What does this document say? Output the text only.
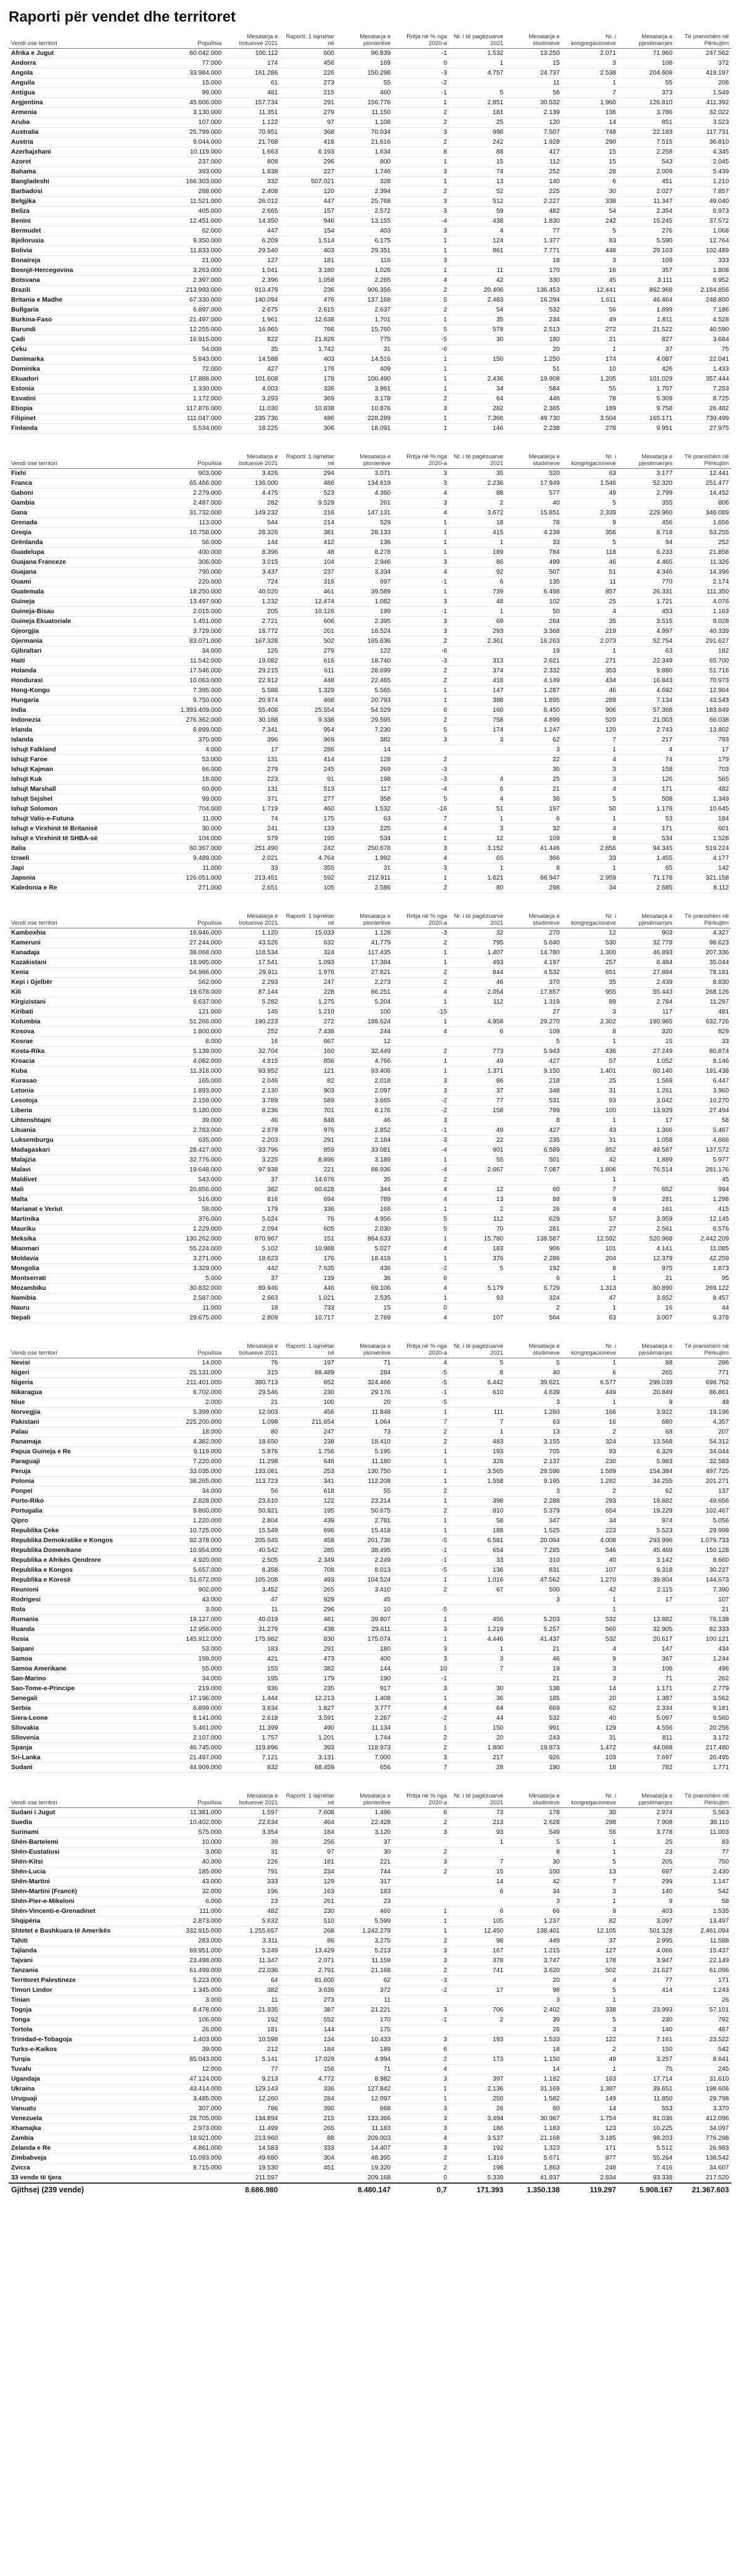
Raporti për vendet dhe territoret
Vendi ose territori	Popullsia	Mesatarja e botuesve 2021	Raporti: 1 lajmëtar në	Mesatarja e pionierëve	Rritja në % nga 2020-a	Nr. i të pagëzuarve 2021	Mesatarja e studimeve	Nr. i kongregacioneve	Mesatarja e pjesëmarrjes	Të pranishëm në Përkujtim
Afrika e Jugut	60.042.000	100.112	600	96.839	-1	1.532	13.250	2.071	71.960	247.562
Andorra	77.000	174	456	169	0	1	15	3	108	372
Angola	33.984.000	161.286	226	150.298	-3	4.757	24.737	2.538	204.608	419.197
Anguila	15.000	61	273	55	-2		11	1	55	206
Antigua	99.000	481	215	460	-1	5	56	7	373	1.549
Argjentina	45.606.000	157.734	291	156.776	1	2.851	30.532	1.960	126.810	411.392
Armenia	3.130.000	11.351	279	11.150	2	181	2.139	136	3.786	32.022
Aruba	107.000	1.122	97	1.108	2	25	120	14	851	3.523
Australia	25.799.000	70.951	368	70.034	3	998	7.507	748	22.183	117.731
Austria	9.044.000	21.768	418	21.616	2	242	1.928	290	7.515	36.810
Azerbajxhani	10.119.000	1.663	6.193	1.634	8	88	417	15	2.258	4.345
Azoret	237.000	809	296	800	1	15	112	15	543	2.045
Bahama	393.000	1.838	227	1.746	3	74	252	28	2.009	5.439
Bangladeshi	166.303.000	332	507.021	328	1	13	140	6	451	1.210
Barbadosi	288.000	2.408	120	2.394	2	52	225	30	2.027	7.857
Belgjika	11.521.000	26.012	447	25.768	3	512	2.227	338	11.347	49.040
Beliza	405.000	2.665	157	2.572	3	59	482	54	2.354	6.973
Benini	12.451.000	14.350	946	13.155	-4	438	1.830	242	15.245	37.572
Bermudet	62.000	447	154	403	3	4	77	5	276	1.068
Bjellorusia	9.350.000	6.209	1.514	6.175	1	124	1.377	83	5.590	12.764
Bolivia	11.833.000	29.540	403	29.351	1	861	7.771	448	29.103	102.489
Bonaireja	21.000	127	181	116	3		18	3	109	333
Bosnjë-Hercegovina	3.263.000	1.041	3.180	1.026	1	11	170	16	357	1.808
Botsvana	2.397.000	2.396	1.058	2.265	4	42	330	45	3.111	6.952
Brazili	213.993.000	913.479	236	906.356	2	20.406	136.453	12.441	862.968	2.184.856
Britania e Madhe	67.330.000	140.094	476	137.168	5	2.483	16.294	1.611	46.464	248.800
Bullgaria	6.897.000	2.675	2.615	2.637	2	54	532	56	1.899	7.186
Burkina-Faso	21.497.000	1.961	12.638	1.701	1	35	234	49	1.811	4.528
Burundi	12.255.000	16.965	766	15.760	5	578	2.513	272	21.522	40.590
Çadi	16.915.000	822	21.826	775	-5	30	180	21	827	3.684
Çeku	54.000	35	1.742	31	-6		20	1	37	75
Danimarka	5.843.000	14.588	403	14.516	1	150	1.250	174	4.087	22.041
Dominika	72.000	427	176	409	1		51	10	426	1.433
Ekuadori	17.888.000	101.608	178	100.490	1	2.436	19.908	1.205	101.029	357.444
Estonia	1.330.000	4.003	336	3.961	1	34	584	55	1.707	7.253
Esvatini	1.172.000	3.293	369	3.178	2	64	446	78	5.309	8.725
Etiopia	117.876.000	11.030	10.838	10.876	3	282	2.365	189	9.758	26.482
Filipinet	111.047.000	235.736	486	228.289	1	7.366	49.730	3.504	165.171	739.499
Finlanda	5.534.000	18.225	306	18.091	1	146	2.238	278	9.951	27.975
Vendi ose territori	Popullsia	Mesatarja e botuesve 2021	Raporti: 1 lajmëtar në	Mesatarja e pionierëve	Rritja në % nga 2020-a	Nr. i të pagëzuarve 2021	Mesatarja e studimeve	Nr. i kongregacioneve	Mesatarja e pjesëmarrjes	Të pranishëm në Përkujtim
Fixhi	903.000	3.426	294	3.071	3	35	520	63	3.177	12.441
Franca	65.466.000	136.000	486	134.619	3	2.236	17.949	1.546	52.320	251.477
Gaboni	2.279.000	4.475	523	4.360	4	88	577	49	2.799	14.452
Gambia	2.487.000	282	9.529	261	3	2	40	5	355	806
Gana	31.732.000	149.232	216	147.131	4	3.672	15.851	2.339	229.960	346.089
Grenada	113.000	544	214	529	1	18	78	9	456	1.656
Greqia	10.758.000	28.326	381	28.133	1	415	4.239	356	8.718	53.255
Grënlanda	56.000	144	412	136	1	1	33	5	94	252
Guadelupa	400.000	8.396	48	8.278	1	189	784	118	6.233	21.858
Guajana Franceze	306.000	3.015	104	2.946	3	86	499	46	4.465	11.326
Guajana	790.000	3.437	237	3.334	4	92	507	51	4.346	14.396
Guami	220.000	724	316	697	-1	6	135	11	770	2.174
Guatemala	18.250.000	40.020	461	39.589	1	739	6.498	857	26.331	111.350
Guineja	13.497.000	1.232	12.474	1.082	3	48	102	25	1.721	4.076
Guineja-Bisau	2.015.000	205	10.126	199	-1	1	50	4	453	1.163
Guineja Ekuatoriale	1.451.000	2.721	606	2.395	3	69	264	35	3.515	9.028
Gjeorgjia	3.729.000	18.772	201	18.524	3	293	3.368	219	4.997	40.339
Gjermania	83.071.000	167.328	502	165.636	2	2.361	16.263	2.073	52.754	291.627
Gjibraltari	34.000	126	279	122	-6		19	1	63	182
Haiti	11.542.000	19.082	616	18.740	-3	313	2.621	271	22.349	65.700
Holanda	17.546.000	29.215	611	28.699	2	374	2.332	353	9.880	51.716
Hondurasi	10.063.000	22.912	448	22.465	2	418	4.149	434	16.843	70.973
Hong-Kongu	7.395.000	5.588	1.329	5.565	1	147	1.287	46	4.692	12.904
Hungaria	9.750.000	20.974	468	20.793	1	388	1.895	289	7.134	43.543
India	1.393.409.000	55.408	25.554	54.529	6	160	8.450	906	57.368	183.849
Indonezia	276.362.000	30.188	9.338	29.595	2	758	4.899	520	21.003	66.038
Irlanda	6.899.000	7.341	954	7.230	5	174	1.247	120	2.743	13.802
Islanda	370.000	396	969	382	3	3	62	7	217	793
Ishujt Falkland	4.000	17	286	14			3	1	4	17
Ishujt Faroe	53.000	131	414	128	2		22	4	74	179
Ishujt Kajman	66.000	279	245	269	-3		35	3	158	703
Ishujt Kuk	18.000	223	91	198	-3	4	25	3	126	565
Ishujt Marshall	60.000	131	513	117	-4	6	21	4	171	482
Ishujt Sejshel	99.000	371	277	358	5	4	38	5	508	1.349
Ishujt Solomon	704.000	1.719	460	1.532	-16	51	197	50	1.178	10.645
Ishujt Valis-e-Futuna	11.000	74	175	63	7	1	6	1	53	184
Ishujt e Virxhinit të Britanisë	30.000	241	133	225	4	3	32	4	171	601
Ishujt e Virxhinit të SHBA-së	104.000	579	195	534	1	12	109	8	534	1.528
Italia	60.367.000	251.490	242	250.678	3	3.152	41.446	2.856	94.345	519.224
Izraeli	9.489.000	2.021	4.764	1.992	4	65	366	33	1.455	4.177
Japi	11.000	33	355	31	3	1	8	1	65	142
Japonia	126.051.000	213.451	592	212.911	1	1.621	66.947	2.959	71.178	321.158
Kaledonia e Re	271.000	2.651	105	2.586	2	80	298	34	2.685	8.112
Vendi ose territori	Popullsia	Mesatarja e botuesve 2021	Raporti: 1 lajmëtar në	Mesatarja e pionierëve	Rritja në % nga 2020-a	Nr. i të pagëzuarve 2021	Mesatarja e studimeve	Nr. i kongregacioneve	Mesatarja e pjesëmarrjes	Të pranishëm në Përkujtim
Kamboxhia	16.946.000	1.120	15.033	1.128	-3	32	270	12	903	4.327
Kameruni	27.244.000	43.526	632	41.779	2	795	5.640	530	32.778	98.623
Kanadaja	38.068.000	118.534	324	117.435	1	1.407	14.780	1.300	46.893	207.336
Kazakistani	18.995.000	17.541	1.093	17.384	1	493	4.197	257	8.484	35.044
Kenia	54.986.000	29.911	1.976	27.821	2	844	4.532	651	27.884	78.181
Kepi i Gjelbër	562.000	2.293	247	2.273	2	46	370	35	2.439	8.830
Kili	19.678.000	87.144	228	86.251	4	2.054	17.857	955	55.443	268.126
Kirgizistani	6.637.000	5.282	1.275	5.204	1	112	1.319	89	2.784	11.297
Kiribati	121.000	145	1.210	100	-15		27	3	117	481
Kolumbia	51.266.000	190.223	272	188.624	1	4.958	29.270	2.302	180.965	632.726
Kosova	1.800.000	252	7.438	244	4	6	109	8	320	829
Kosrae	8.000	16	667	12			5	1	15	33
Kosta-Rika	5.139.000	32.704	160	32.449	2	773	5.943	436	27.249	80.874
Kroacia	4.082.000	4.815	856	4.766	1	49	427	57	1.052	8.146
Kuba	11.318.000	93.952	121	93.406	1	1.371	9.150	1.401	60.140	191.438
Kurasao	165.000	2.046	82	2.018	3	86	218	25	1.569	6.447
Letonia	1.893.000	2.130	903	2.097	3	37	348	31	1.261	3.960
Lesotoja	2.159.000	3.789	589	3.665	-2	77	531	93	3.042	10.270
Liberia	5.180.000	8.236	701	8.176	-2	158	799	100	13.929	27.494
Lihtenshtajni	39.000	46	848	46	3		8	1	17	58
Lituania	2.783.000	2.878	976	2.852	-1	49	427	43	1.366	5.467
Luksemburgu	635.000	2.203	291	2.184	3	22	235	31	1.058	4.666
Madagaskari	28.427.000	33.796	859	33.081	-4	901	6.589	852	48.587	137.572
Malajzia	32.776.000	3.225	8.896	3.189	1	55	501	42	1.889	5.977
Malavi	19.648.000	97.938	221	88.936	-4	2.667	7.087	1.806	76.514	281.176
Maldivet	543.000	37	14.676	35	2			1		45
Mali	20.856.000	382	60.628	344	4	12	60	7	652	994
Malta	516.000	816	694	789	4	13	88	9	281	1.298
Marianat e Veriut	58.000	179	336	168	1	2	26	4	161	415
Martinika	376.000	5.024	76	4.956	5	112	629	57	3.959	12.145
Mauriku	1.229.000	2.094	605	2.030	5	70	261	27	2.561	6.576
Meksika	130.262.000	870.967	151	864.633	1	15.780	138.587	12.592	520.968	2.442.209
Mianmari	55.224.000	5.102	10.988	5.027	4	183	906	101	4.141	11.085
Moldavia	3.271.000	18.623	176	18.418	1	376	2.286	204	12.379	42.259
Mongolia	3.329.000	442	7.635	436	-2	5	192	8	975	1.873
Montserrati	5.000	37	139	36	6		6	1	21	95
Mozambiku	30.832.000	89.946	446	69.106	4	5.179	6.729	1.313	80.890	269.122
Namibia	2.587.000	2.663	1.021	2.535	1	93	324	47	3.652	8.457
Nauru	11.000	18	733	15	0		2	1	16	44
Nepali	29.675.000	2.809	10.717	2.769	4	107	564	63	3.007	9.378
Vendi ose territori	Popullsia	Mesatarja e botuesve 2021	Raporti: 1 lajmëtar në	Mesatarja e pionierëve	Rritja në % nga 2020-a	Nr. i të pagëzuarve 2021	Mesatarja e studimeve	Nr. i kongregacioneve	Mesatarja e pjesëmarrjes	Të pranishëm në Përkujtim
Nevisi	14.000	76	197	71	4	5	5	1	88	296
Nigeri	25.131.000	315	88.489	284	-5	8	40	6	265	771
Nigeria	211.401.000	380.713	652	324.466	-5	6.442	39.621	6.577	299.039	698.762
Nikaragua	6.702.000	29.546	230	29.176	-1	610	4.639	449	20.849	86.861
Niue	2.000	21	100	20	-5		3	1	9	48
Norvegjia	5.399.000	12.003	456	11.848	1	111	1.260	166	3.922	19.196
Pakistani	225.200.000	1.098	211.654	1.064	7	7	63	16	680	4.357
Palau	18.000	80	247	73	2	1	13	2	68	207
Panamaja	4.382.000	18.650	238	18.410	2	483	3.155	324	13.568	54.312
Papua Guineja e Re	9.119.000	5.876	1.756	5.195	1	193	705	93	6.329	34.044
Paraguaji	7.220.000	11.298	646	11.180	1	328	2.137	230	5.983	32.583
Peruja	33.035.000	133.081	253	130.750	1	3.565	29.596	1.589	154.384	497.725
Polonia	38.265.000	113.723	341	112.208	1	1.558	9.195	1.282	34.255	201.271
Ponpei	34.000	56	618	55	2		3	2	62	137
Porto-Riko	2.828.000	23.610	122	23.214	1	398	2.288	293	19.882	49.656
Portugalia	9.860.000	50.921	195	50.675	2	810	5.379	654	19.229	102.467
Qipro	1.220.000	2.804	439	2.781	1	58	347	34	974	5.056
Republika Çeke	10.725.000	15.549	696	15.418	1	188	1.525	223	5.523	29.999
Republika Demokratike e Kongos	92.378.000	205.045	458	201.736	-5	6.581	20.064	4.008	293.996	1.079.733
Republika Domenikane	10.954.000	40.542	285	38.495	-1	654	7.285	546	45.469	150.128
Republika e Afrikës Qendrore	4.920.000	2.505	2.349	2.249	-1	33	310	40	3.142	8.660
Republika e Kongos	5.657.000	8.358	708	8.013	-5	136	831	107	9.318	30.227
Republika e Koresë	51.672.000	105.208	493	104.524	1	1.016	47.562	1.270	39.804	144.673
Reunioni	902.000	3.452	265	3.410	2	67	500	42	2.115	7.390
Rodrigesi	43.000	47	929	45			3	1	17	107
Rota	3.000	11	296	10	-5			1		21
Rumania	19.127.000	40.019	481	39.807	1	456	5.203	532	13.882	76.138
Ruanda	12.956.000	31.279	438	29.611	3	1.219	5.257	560	32.905	82.333
Rusia	145.912.000	175.982	830	175.074	1	4.446	41.437	532	20.617	100.121
Saipani	53.000	183	291	180	3	1	21	4	147	434
Samoa	199.000	421	473	400	3	3	46	9	367	1.244
Samoa Amerikane	55.000	155	382	144	10	7	19	3	106	496
San-Marino	34.000	195	179	190	-1		21	3	71	262
Sao-Tome-e-Principe	219.000	936	235	917	3	30	138	14	1.171	2.779
Senegali	17.196.000	1.444	12.213	1.408	1	36	185	20	1.387	3.562
Serbia	6.899.000	3.834	1.827	3.777	4	64	669	62	2.334	9.181
Siera-Leone	8.141.000	2.618	3.591	2.267	-2	44	532	40	5.097	9.560
Sllovakia	5.461.000	11.399	490	11.134	1	150	991	129	4.556	20.256
Sllovenia	2.107.000	1.757	1.201	1.744	2	20	243	31	811	3.172
Spanja	46.745.000	119.896	393	118.973	2	1.800	19.873	1.472	44.068	217.480
Sri-Lanka	21.497.000	7.121	3.131	7.000	3	217	926	103	7.697	20.495
Sudani	44.909.000	832	68.459	656	7	28	190	18	782	1.771
Vendi ose territori	Popullsia	Mesatarja e botuesve 2021	Raporti: 1 lajmëtar në	Mesatarja e pionierëve	Rritja në % nga 2020-a	Nr. i të pagëzuarve 2021	Mesatarja e studimeve	Nr. i kongregacioneve	Mesatarja e pjesëmarrjes	Të pranishëm në Përkujtim
Sudani i Jugut	11.381.000	1.597	7.608	1.496	6	73	178	30	2.974	5.563
Suedia	10.402.000	22.634	464	22.428	2	213	2.628	298	7.908	38.110
Surinami	575.000	3.354	184	3.120	3	93	549	56	3.778	11.003
Shën-Bartelemi	10.000	39	256	37		1	5	1	25	83
Shën-Eustatiusi	3.000	31	97	30	2		8	1	23	77
Shën-Kitsi	40.000	226	181	221	3	7	30	5	205	750
Shën-Lucia	185.000	791	234	744	2	15	100	13	697	2.430
Shën-Martini	43.000	333	129	317		14	42	7	299	1.147
Shën-Martini (Francë)	32.000	196	163	183		6	34	3	140	542
Shën-Pier-e-Mikeloni	6.000	23	261	23			3	1	9	58
Shën-Vincenti-e-Grenadinet	111.000	482	230	460	1	6	66	9	403	1.535
Shqipëria	2.873.000	5.632	510	5.599	1	105	1.237	82	3.097	13.497
Shtetet e Bashkuara të Amerikës	332.915.000	1.255.657	268	1.242.279	1	12.450	138.401	12.105	501.328	2.461.094
Tahiti	283.000	3.311	86	3.275	2	98	449	37	2.995	11.588
Tajlanda	69.951.000	5.249	13.429	5.213	3	167	1.215	127	4.066	15.437
Tajvani	23.498.000	11.347	2.071	11.159	3	378	3.747	178	3.947	22.149
Tanzania	61.499.000	22.036	2.791	21.168	2	741	3.620	502	21.627	61.096
Territoret Palestineze	5.223.000	64	81.600	62	-3		20	4	77	171
Timori Lindor	1.345.000	382	3.636	372	-2	17	98	5	414	1.243
Tinian	3.000	11	273	11			3	1		26
Togoja	8.478.000	21.935	387	21.221	3	706	2.402	338	23.993	57.101
Tonga	106.000	192	552	170	-1	2	39	5	230	792
Tortola	26.000	181	144	175			26	3	140	487
Trinidad-e-Tobagoja	1.403.000	10.598	134	10.433	3	193	1.533	122	7.161	23.522
Turks-e-Kaikos	39.000	212	184	189	6		18	2	150	542
Turqia	85.043.000	5.141	17.029	4.994	2	173	1.150	49	3.257	8.641
Tuvalu	12.000	77	156	71	4		14	1	75	245
Ugandaja	47.124.000	9.213	4.772	8.982	3	397	1.182	163	17.714	31.610
Ukraina	43.414.000	129.143	336	127.842	1	2.136	31.169	1.387	39.651	198.606
Uruguaji	3.485.000	12.260	284	12.097	1	250	1.582	149	11.850	29.798
Vanuatu	307.000	786	390	668	3	26	60	14	553	3.370
Venezuela	28.705.000	134.894	215	133.366	3	3.494	30.987	1.754	81.036	412.096
Xhamajka	2.973.000	11.499	265	11.183	3	186	1.183	123	10.225	34.097
Zambia	18.921.000	213.960	88	209.003	4	3.537	21.168	3.185	98.203	776.298
Zelanda e Re	4.861.000	14.583	333	14.407	3	192	1.323	171	5.512	26.983
Zimbabveja	15.093.000	49.680	304	48.395	2	1.316	5.671	877	55.264	138.542
Zvicra	8.715.000	19.530	451	19.320	2	198	1.863	248	7.416	34.607
33 vende të tjera		211.597		209.168	0	5.339	41.937	2.834	93.338	217.520
Gjithsej (239 vende)		8.686.980		8.480.147	0,7	171.393	1.350.138	119.297	5.908.167	21.367.603
